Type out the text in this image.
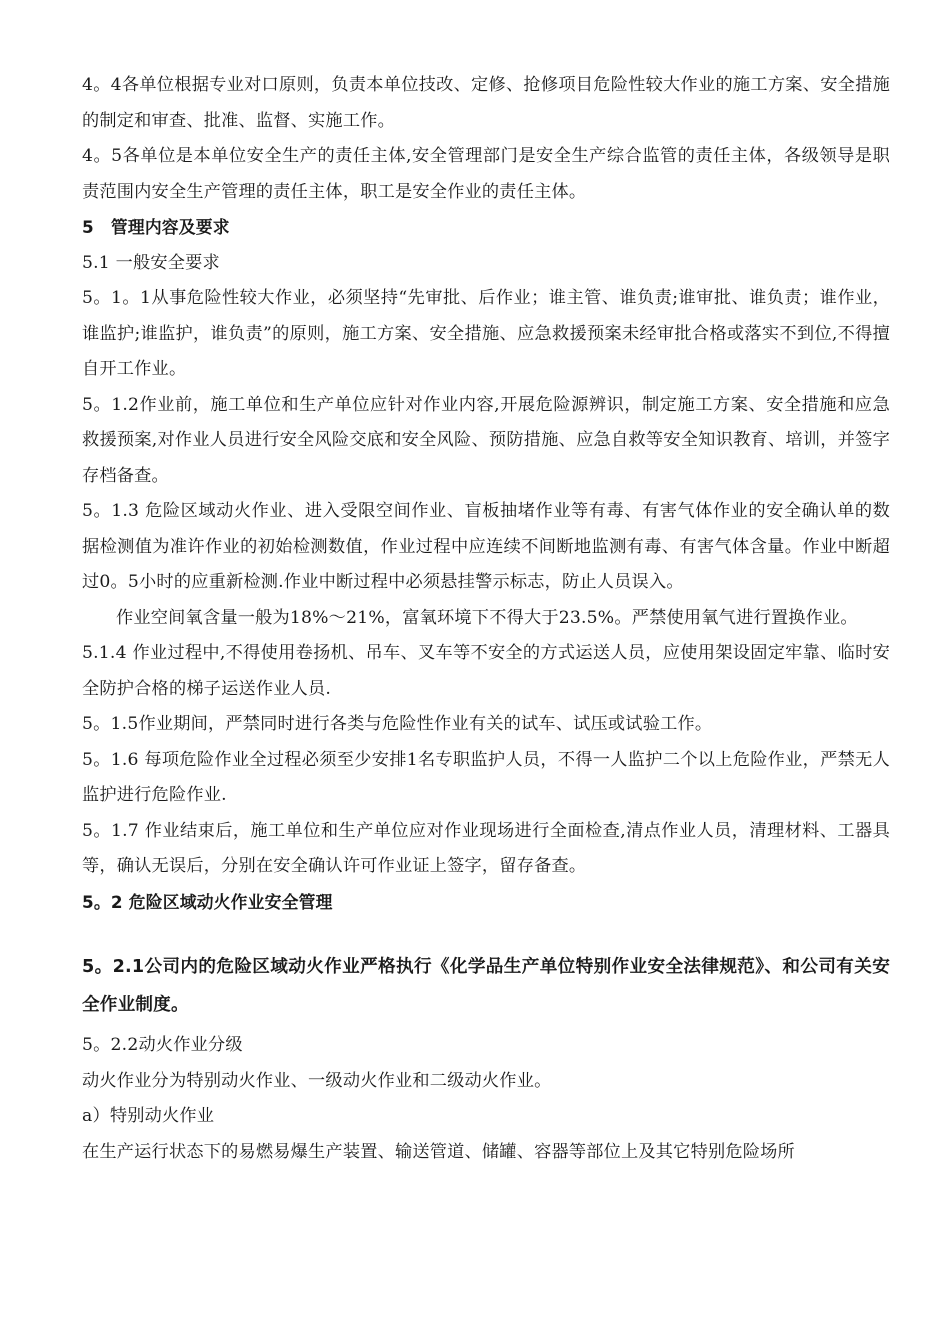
4。4各单位根据专业对口原则，负责本单位技改、定修、抢修项目危险性较大作业的施工方案、安全措施的制定和审查、批准、监督、实施工作。

4。5各单位是本单位安全生产的责任主体,安全管理部门是安全生产综合监管的责任主体，各级领导是职责范围内安全生产管理的责任主体，职工是安全作业的责任主体。

5　管理内容及要求

5.1 一般安全要求

5。1。1从事危险性较大作业，必须坚持“先审批、后作业；谁主管、谁负责;谁审批、谁负责；谁作业，谁监护;谁监护，谁负责”的原则，施工方案、安全措施、应急救援预案未经审批合格或落实不到位,不得擅自开工作业。

5。1.2作业前，施工单位和生产单位应针对作业内容,开展危险源辨识，制定施工方案、安全措施和应急救援预案,对作业人员进行安全风险交底和安全风险、预防措施、应急自救等安全知识教育、培训，并签字存档备查。

5。1.3 危险区域动火作业、进入受限空间作业、盲板抽堵作业等有毒、有害气体作业的安全确认单的数据检测值为准许作业的初始检测数值，作业过程中应连续不间断地监测有毒、有害气体含量。作业中断超过0。5小时的应重新检测.作业中断过程中必须悬挂警示标志，防止人员误入。

作业空间氧含量一般为18%～21%，富氧环境下不得大于23.5%。严禁使用氧气进行置换作业。

5.1.4 作业过程中,不得使用卷扬机、吊车、叉车等不安全的方式运送人员，应使用架设固定牢靠、临时安全防护合格的梯子运送作业人员.

5。1.5作业期间，严禁同时进行各类与危险性作业有关的试车、试压或试验工作。

5。1.6 每项危险作业全过程必须至少安排1名专职监护人员，不得一人监护二个以上危险作业，严禁无人监护进行危险作业.

5。1.7 作业结束后，施工单位和生产单位应对作业现场进行全面检查,清点作业人员，清理材料、工器具等，确认无误后，分别在安全确认许可作业证上签字，留存备查。

5。2 危险区域动火作业安全管理

5。2.1公司内的危险区域动火作业严格执行《化学品生产单位特别作业安全法律规范》、和公司有关安全作业制度。

5。2.2动火作业分级

动火作业分为特别动火作业、一级动火作业和二级动火作业。

a）特别动火作业

在生产运行状态下的易燃易爆生产装置、输送管道、储罐、容器等部位上及其它特别危险场所
